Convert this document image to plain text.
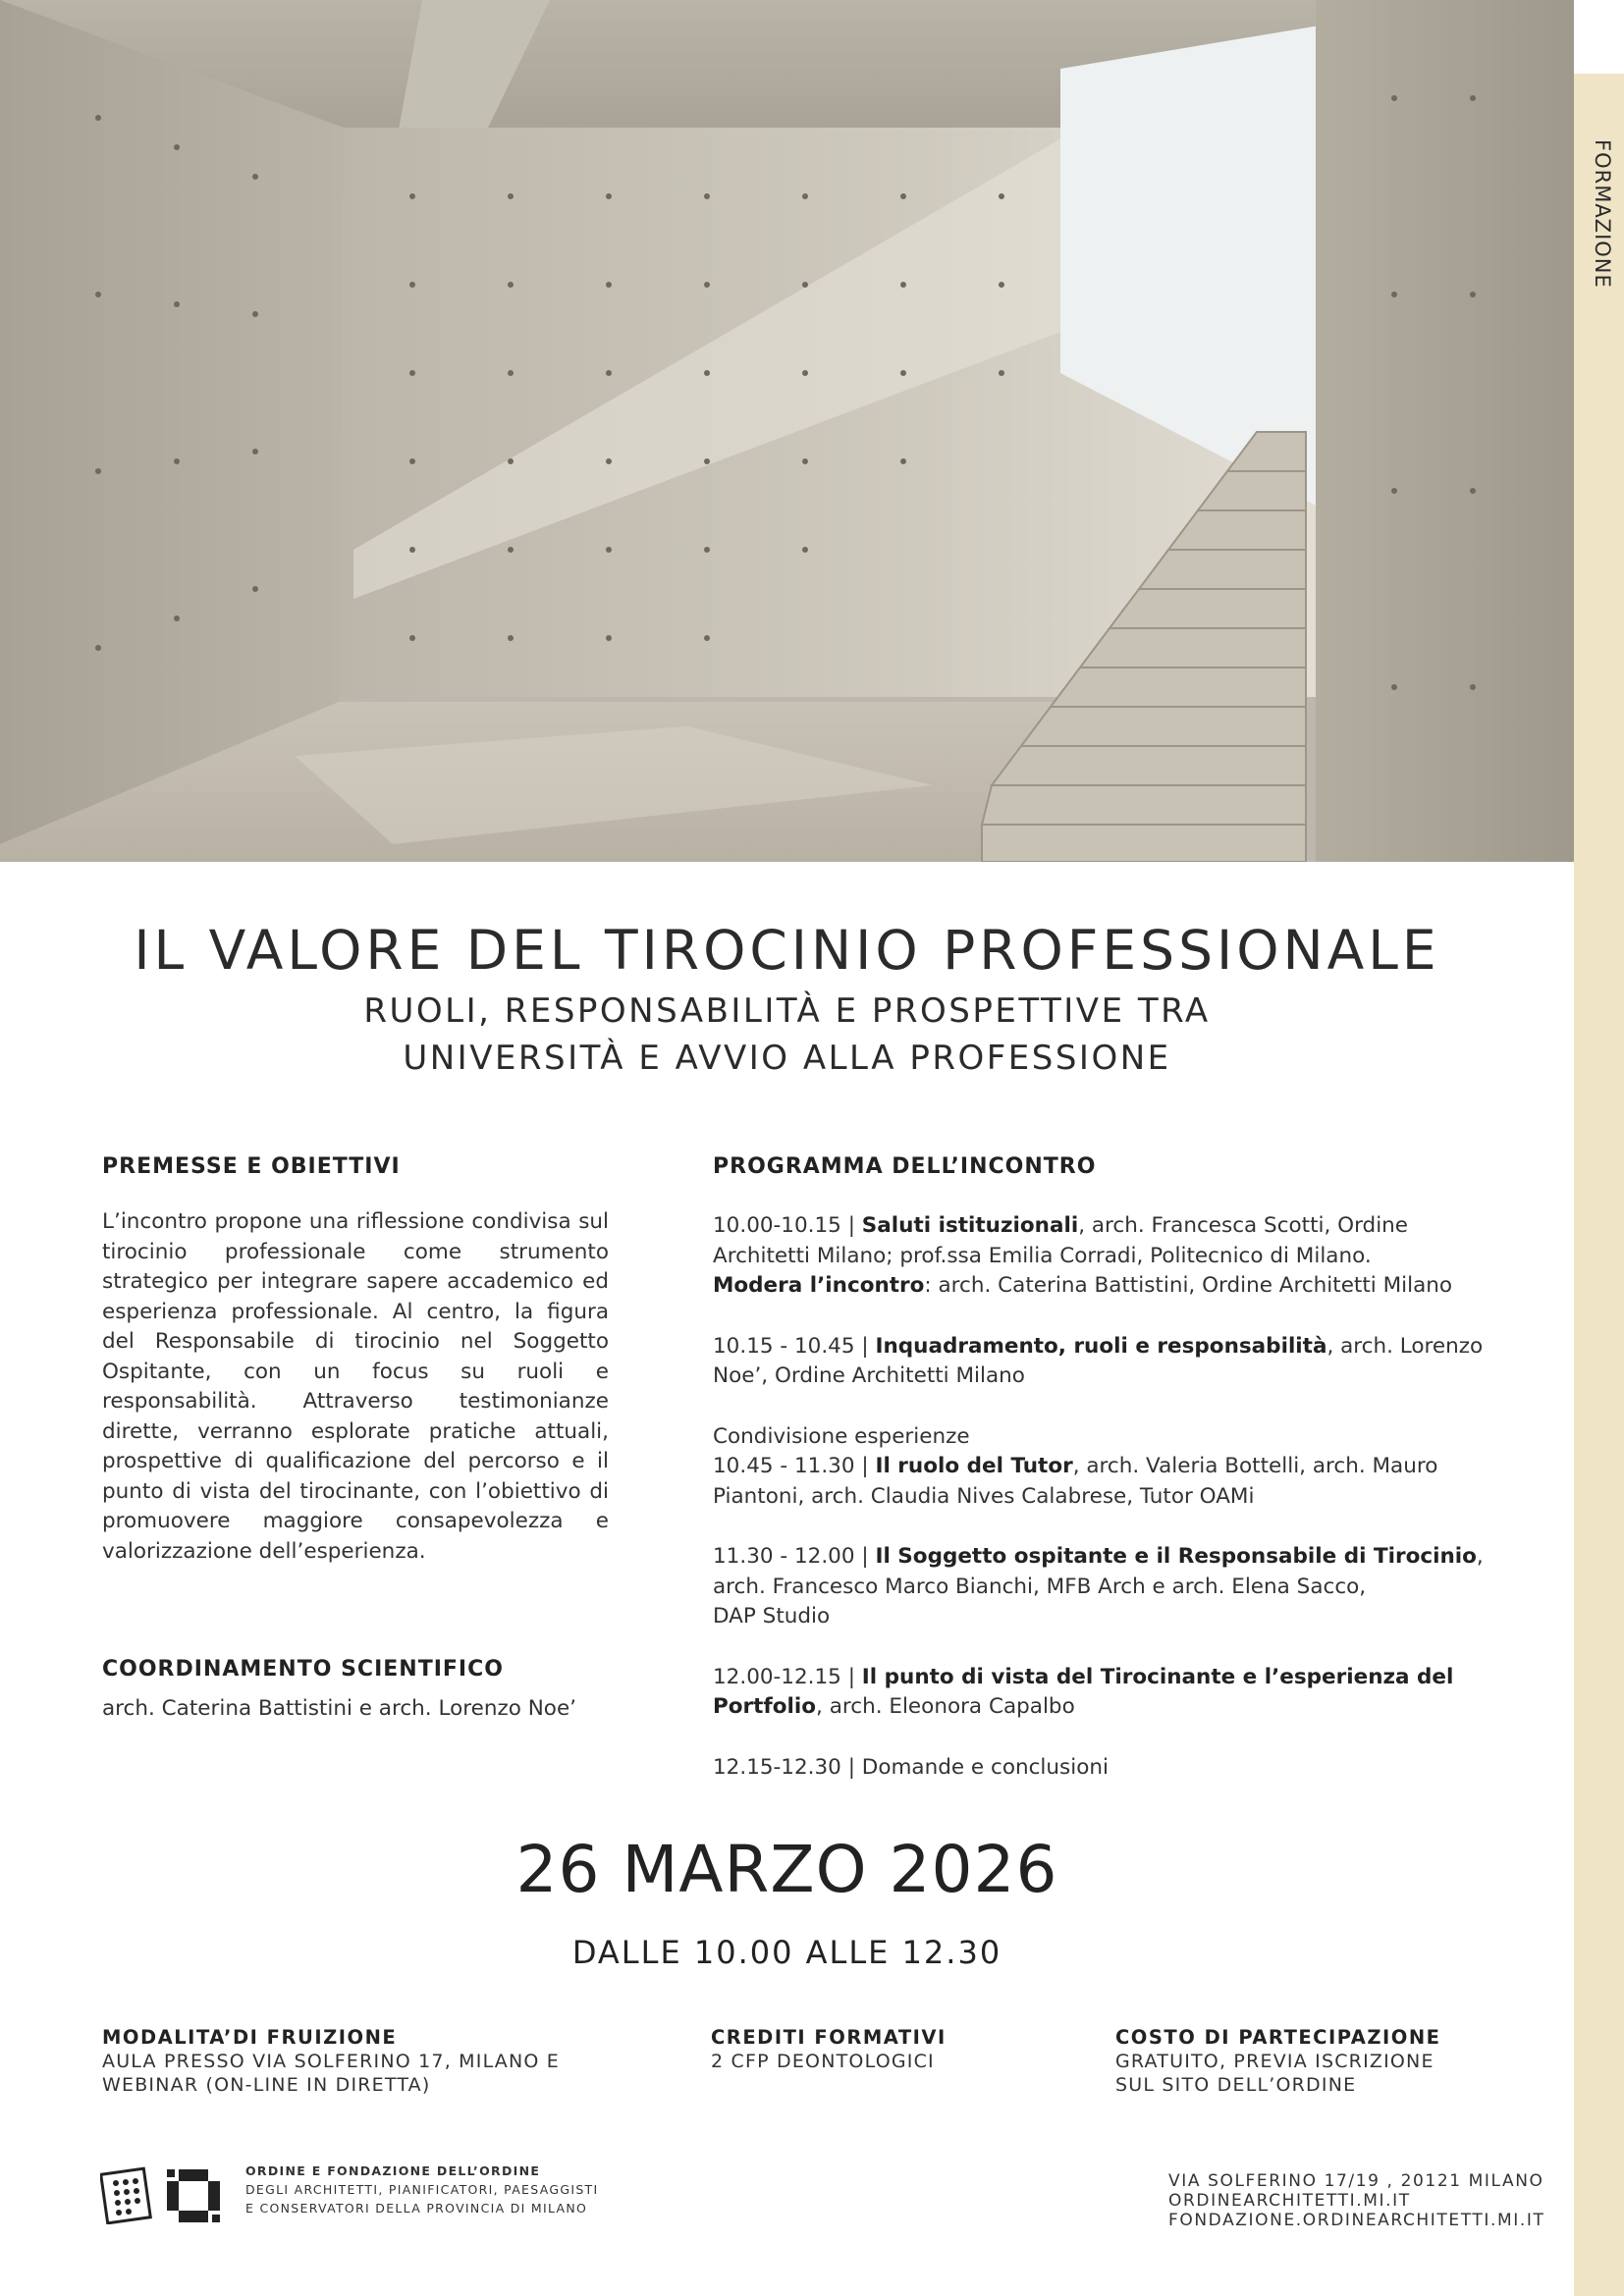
FORMAZIONE
IL VALORE DEL TIROCINIO PROFESSIONALE
RUOLI, RESPONSABILITÀ E PROSPETTIVE TRA
UNIVERSITÀ E AVVIO ALLA PROFESSIONE
PREMESSE E OBIETTIVI
L’incontro propone una riflessione condivisa sul tirocinio professionale come strumento strategico per integrare sapere accademico ed esperienza professionale. Al centro, la figura del Responsabile di tirocinio nel Soggetto Ospitante, con un focus su ruoli e responsabilità. Attraverso testimonianze dirette, verranno esplorate pratiche attuali, prospettive di qualificazione del percorso e il punto di vista del tirocinante, con l’obiettivo di promuovere maggiore consapevolezza e valorizzazione dell’esperienza.
COORDINAMENTO SCIENTIFICO
arch. Caterina Battistini e arch. Lorenzo Noe’
PROGRAMMA DELL’INCONTRO
10.00-10.15 | Saluti istituzionali, arch. Francesca Scotti, Ordine Architetti Milano; prof.ssa Emilia Corradi, Politecnico di Milano.
Modera l’incontro: arch. Caterina Battistini, Ordine Architetti Milano
10.15 - 10.45 | Inquadramento, ruoli e responsabilità, arch. Lorenzo Noe’, Ordine Architetti Milano
Condivisione esperienze
10.45 - 11.30 | Il ruolo del Tutor, arch. Valeria Bottelli, arch. Mauro Piantoni, arch. Claudia Nives Calabrese, Tutor OAMi
11.30 - 12.00 | Il Soggetto ospitante e il Responsabile di Tirocinio, arch. Francesco Marco Bianchi, MFB Arch e arch. Elena Sacco,
DAP Studio
12.00-12.15 | Il punto di vista del Tirocinante e l’esperienza del Portfolio, arch. Eleonora Capalbo
12.15-12.30 | Domande e conclusioni
26 MARZO 2026
DALLE 10.00 ALLE 12.30
MODALITA’DI FRUIZIONE
AULA PRESSO VIA SOLFERINO 17, MILANO E
WEBINAR (ON-LINE IN DIRETTA)
CREDITI FORMATIVI
2 CFP DEONTOLOGICI
COSTO DI PARTECIPAZIONE
GRATUITO, PREVIA ISCRIZIONE
SUL SITO DELL’ORDINE
ORDINE E FONDAZIONE DELL’ORDINE
DEGLI ARCHITETTI, PIANIFICATORI, PAESAGGISTI
E CONSERVATORI DELLA PROVINCIA DI MILANO
VIA SOLFERINO 17/19 , 20121 MILANO
ORDINEARCHITETTI.MI.IT
FONDAZIONE.ORDINEARCHITETTI.MI.IT
